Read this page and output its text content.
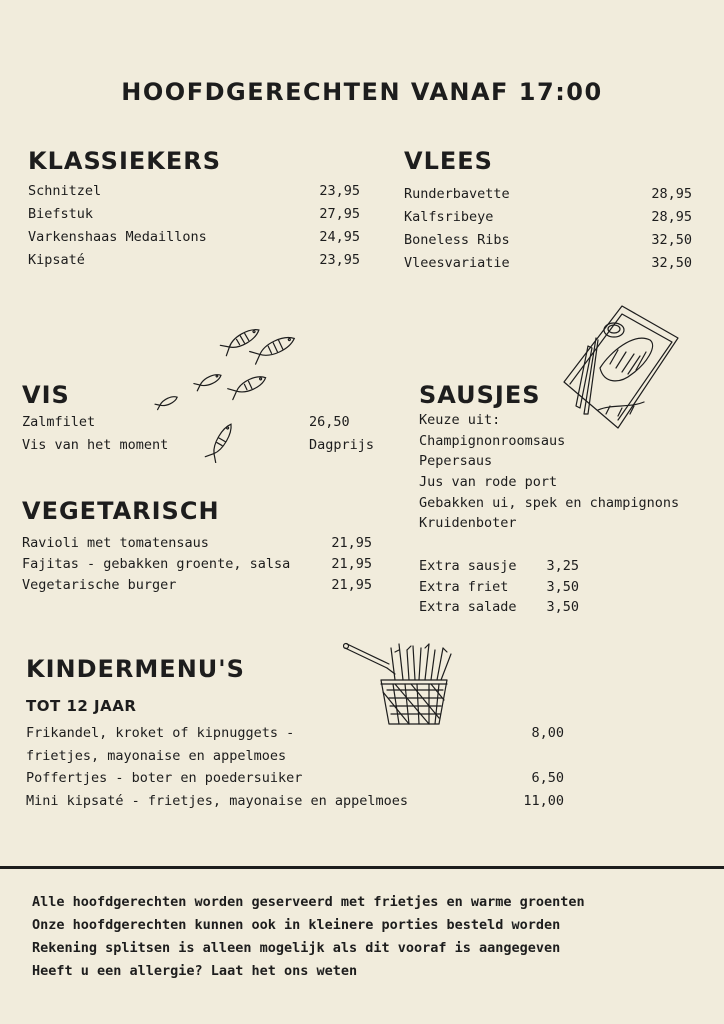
HOOFDGERECHTEN VANAF 17:00
KLASSIEKERS
Schnitzel	23,95
Biefstuk	27,95
Varkenshaas Medaillons	24,95
Kipsaté	23,95
VLEES
Runderbavette	28,95
Kalfsribeye	28,95
Boneless Ribs	32,50
Vleesvariatie	32,50
VIS
Zalmfilet	26,50
Vis van het moment	Dagprijs
VEGETARISCH
Ravioli met tomatensaus	21,95
Fajitas - gebakken groente, salsa	21,95
Vegetarische burger	21,95
SAUSJES
Keuze uit:
Champignonroomsaus
Pepersaus
Jus van rode port
Gebakken ui, spek en champignons
Kruidenboter
Extra sausje 3,25
Extra friet	3,50
Extra salade 3,50
KINDERMENU'S
TOT 12 JAAR
Frikandel, kroket of kipnuggets -
frietjes, mayonaise en appelmoes
8,00
Poffertjes - boter en poedersuiker	6,50
Mini kipsaté - frietjes, mayonaise en appelmoes	11,00
Alle hoofdgerechten worden geserveerd met frietjes en warme groenten
Onze hoofdgerechten kunnen ook in kleinere porties besteld worden
Rekening splitsen is alleen mogelijk als dit vooraf is aangegeven
Heeft u een allergie? Laat het ons weten
